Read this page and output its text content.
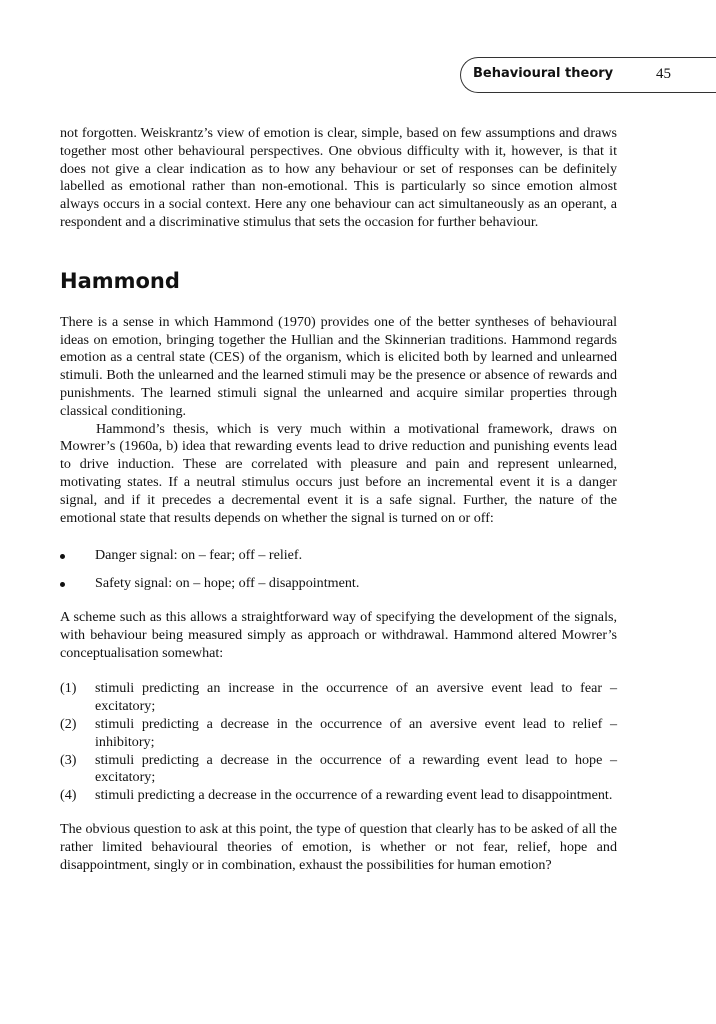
Behavioural theory	45

not forgotten. Weiskrantz’s view of emotion is clear, simple, based on few assumptions and draws together most other behavioural perspectives. One obvious difficulty with it, however, is that it does not give a clear indication as to how any behaviour or set of responses can be definitely labelled as emotional rather than non-emotional. This is particularly so since emotion almost always occurs in a social context. Here any one behaviour can act simultaneously as an operant, a respondent and a discriminative stimulus that sets the occasion for further behaviour.

Hammond

There is a sense in which Hammond (1970) provides one of the better syntheses of behavioural ideas on emotion, bringing together the Hullian and the Skinnerian traditions. Hammond regards emotion as a central state (CES) of the organism, which is elicited both by learned and unlearned stimuli. Both the unlearned and the learned stimuli may be the presence or absence of rewards and punishments. The learned stimuli signal the unlearned and acquire similar properties through classical conditioning.

Hammond’s thesis, which is very much within a motivational framework, draws on Mowrer’s (1960a, b) idea that rewarding events lead to drive reduction and punishing events lead to drive induction. These are correlated with pleasure and pain and represent unlearned, motivating states. If a neutral stimulus occurs just before an incremental event it is a danger signal, and if it precedes a decremental event it is a safe signal. Further, the nature of the emotional state that results depends on whether the signal is turned on or off:

Danger signal: on – fear; off – relief.
Safety signal: on – hope; off – disappointment.

A scheme such as this allows a straightforward way of specifying the development of the signals, with behaviour being measured simply as approach or withdrawal. Hammond altered Mowrer’s conceptualisation somewhat:

(1) stimuli predicting an increase in the occurrence of an aversive event lead to fear – excitatory;
(2) stimuli predicting a decrease in the occurrence of an aversive event lead to relief – inhibitory;
(3) stimuli predicting a decrease in the occurrence of a rewarding event lead to hope – excitatory;
(4) stimuli predicting a decrease in the occurrence of a rewarding event lead to disappointment.

The obvious question to ask at this point, the type of question that clearly has to be asked of all the rather limited behavioural theories of emotion, is whether or not fear, relief, hope and disappointment, singly or in combination, exhaust the possibilities for human emotion?
